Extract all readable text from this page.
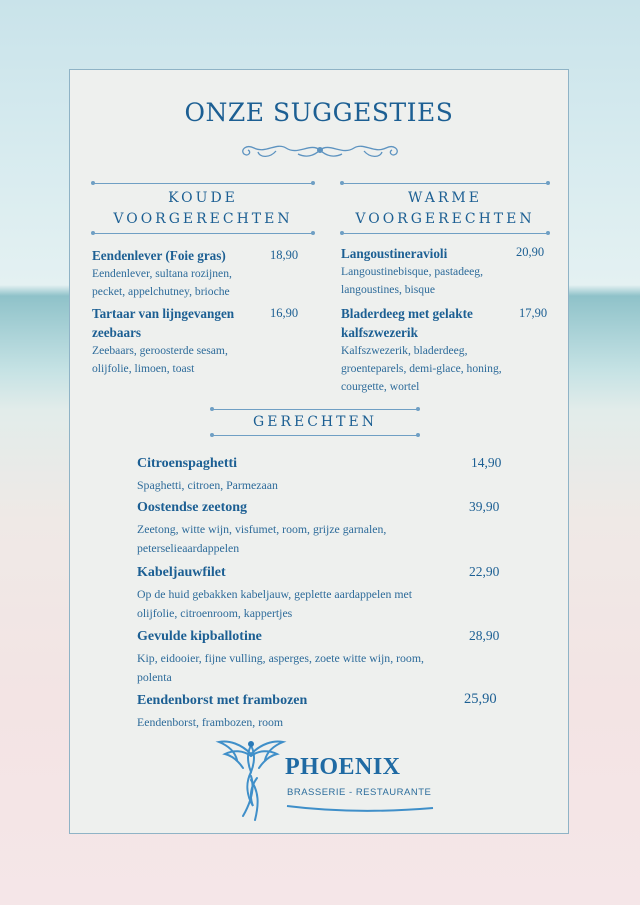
ONZE SUGGESTIES
KOUDE
VOORGERECHTEN
WARME
VOORGERECHTEN
Eendenlever (Foie gras)
Eendenlever, sultana rozijnen,
pecket, appelchutney, brioche
18,90
Tartaar van lijngevangen
zeebaars
Zeebaars, geroosterde sesam,
olijfolie, limoen, toast
16,90
Langoustineravioli
Langoustinebisque, pastadeeg,
langoustines, bisque
20,90
Bladerdeeg met gelakte
kalfszwezerik
Kalfszwezerik, bladerdeeg,
groenteparels, demi-glace, honing,
courgette, wortel
17,90
GERECHTEN
Citroenspaghetti
Spaghetti, citroen, Parmezaan
14,90
Oostendse zeetong
Zeetong, witte wijn, visfumet, room, grijze garnalen,
peterselieaardappelen
39,90
Kabeljauwfilet
Op de huid gebakken kabeljauw, geplette aardappelen met
olijfolie, citroenroom, kappertjes
22,90
Gevulde kipballotine
Kip, eidooier, fijne vulling, asperges, zoete witte wijn, room,
polenta
28,90
Eendenborst met frambozen
Eendenborst, frambozen, room
25,90
PHOENIX
BRASSERIE - RESTAURANTE
